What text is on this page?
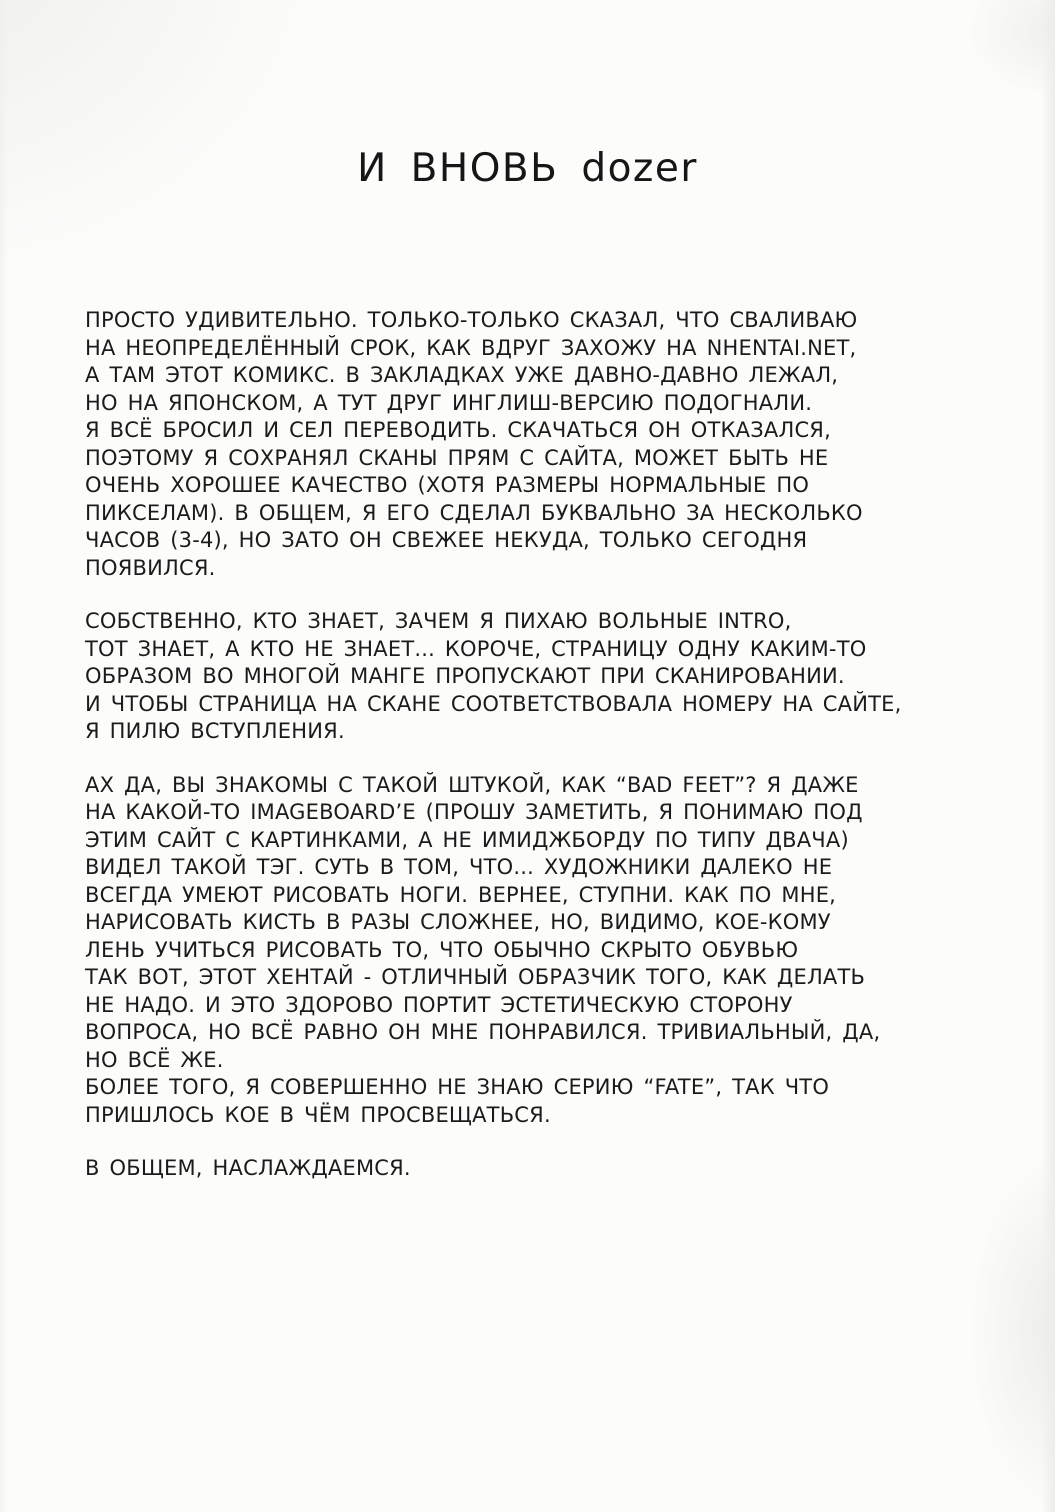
И ВНОВЬ dozer
ПРОСТО УДИВИТЕЛЬНО. ТОЛЬКО-ТОЛЬКО СКАЗАЛ, ЧТО СВАЛИВАЮ
НА НЕОПРЕДЕЛЁННЫЙ СРОК, КАК ВДРУГ ЗАХОЖУ НА NHENTAI.NET,
А ТАМ ЭТОТ КОМИКС. В ЗАКЛАДКАХ УЖЕ ДАВНО-ДАВНО ЛЕЖАЛ,
НО НА ЯПОНСКОМ, А ТУТ ДРУГ ИНГЛИШ-ВЕРСИЮ ПОДОГНАЛИ.
Я ВСЁ БРОСИЛ И СЕЛ ПЕРЕВОДИТЬ. СКАЧАТЬСЯ ОН ОТКАЗАЛСЯ,
ПОЭТОМУ Я СОХРАНЯЛ СКАНЫ ПРЯМ С САЙТА, МОЖЕТ БЫТЬ НЕ
ОЧЕНЬ ХОРОШЕЕ КАЧЕСТВО (ХОТЯ РАЗМЕРЫ НОРМАЛЬНЫЕ ПО
ПИКСЕЛАМ). В ОБЩЕМ, Я ЕГО СДЕЛАЛ БУКВАЛЬНО ЗА НЕСКОЛЬКО
ЧАСОВ (3-4), НО ЗАТО ОН СВЕЖЕЕ НЕКУДА, ТОЛЬКО СЕГОДНЯ
ПОЯВИЛСЯ.
СОБСТВЕННО, КТО ЗНАЕТ, ЗАЧЕМ Я ПИХАЮ ВОЛЬНЫЕ INTRO,
ТОТ ЗНАЕТ, А КТО НЕ ЗНАЕТ... КОРОЧЕ, СТРАНИЦУ ОДНУ КАКИМ-ТО
ОБРАЗОМ ВО МНОГОЙ МАНГЕ ПРОПУСКАЮТ ПРИ СКАНИРОВАНИИ.
И ЧТОБЫ СТРАНИЦА НА СКАНЕ СООТВЕТСТВОВАЛА НОМЕРУ НА САЙТЕ,
Я ПИЛЮ ВСТУПЛЕНИЯ.
АХ ДА, ВЫ ЗНАКОМЫ С ТАКОЙ ШТУКОЙ, КАК “BAD FEET”? Я ДАЖЕ
НА КАКОЙ-ТО IMAGEBOARD’Е (ПРОШУ ЗАМЕТИТЬ, Я ПОНИМАЮ ПОД
ЭТИМ САЙТ С КАРТИНКАМИ, А НЕ ИМИДЖБОРДУ ПО ТИПУ ДВАЧА)
ВИДЕЛ ТАКОЙ ТЭГ. СУТЬ В ТОМ, ЧТО... ХУДОЖНИКИ ДАЛЕКО НЕ
ВСЕГДА УМЕЮТ РИСОВАТЬ НОГИ. ВЕРНЕЕ, СТУПНИ. КАК ПО МНЕ,
НАРИСОВАТЬ КИСТЬ В РАЗЫ СЛОЖНЕЕ, НО, ВИДИМО, КОЕ-КОМУ
ЛЕНЬ УЧИТЬСЯ РИСОВАТЬ ТО, ЧТО ОБЫЧНО СКРЫТО ОБУВЬЮ
ТАК ВОТ, ЭТОТ ХЕНТАЙ - ОТЛИЧНЫЙ ОБРАЗЧИК ТОГО, КАК ДЕЛАТЬ
НЕ НАДО. И ЭТО ЗДОРОВО ПОРТИТ ЭСТЕТИЧЕСКУЮ СТОРОНУ
ВОПРОСА, НО ВСЁ РАВНО ОН МНЕ ПОНРАВИЛСЯ. ТРИВИАЛЬНЫЙ, ДА,
НО ВСЁ ЖЕ.
БОЛЕЕ ТОГО, Я СОВЕРШЕННО НЕ ЗНАЮ СЕРИЮ “FATE”, ТАК ЧТО
ПРИШЛОСЬ КОЕ В ЧЁМ ПРОСВЕЩАТЬСЯ.
В ОБЩЕМ, НАСЛАЖДАЕМСЯ.
